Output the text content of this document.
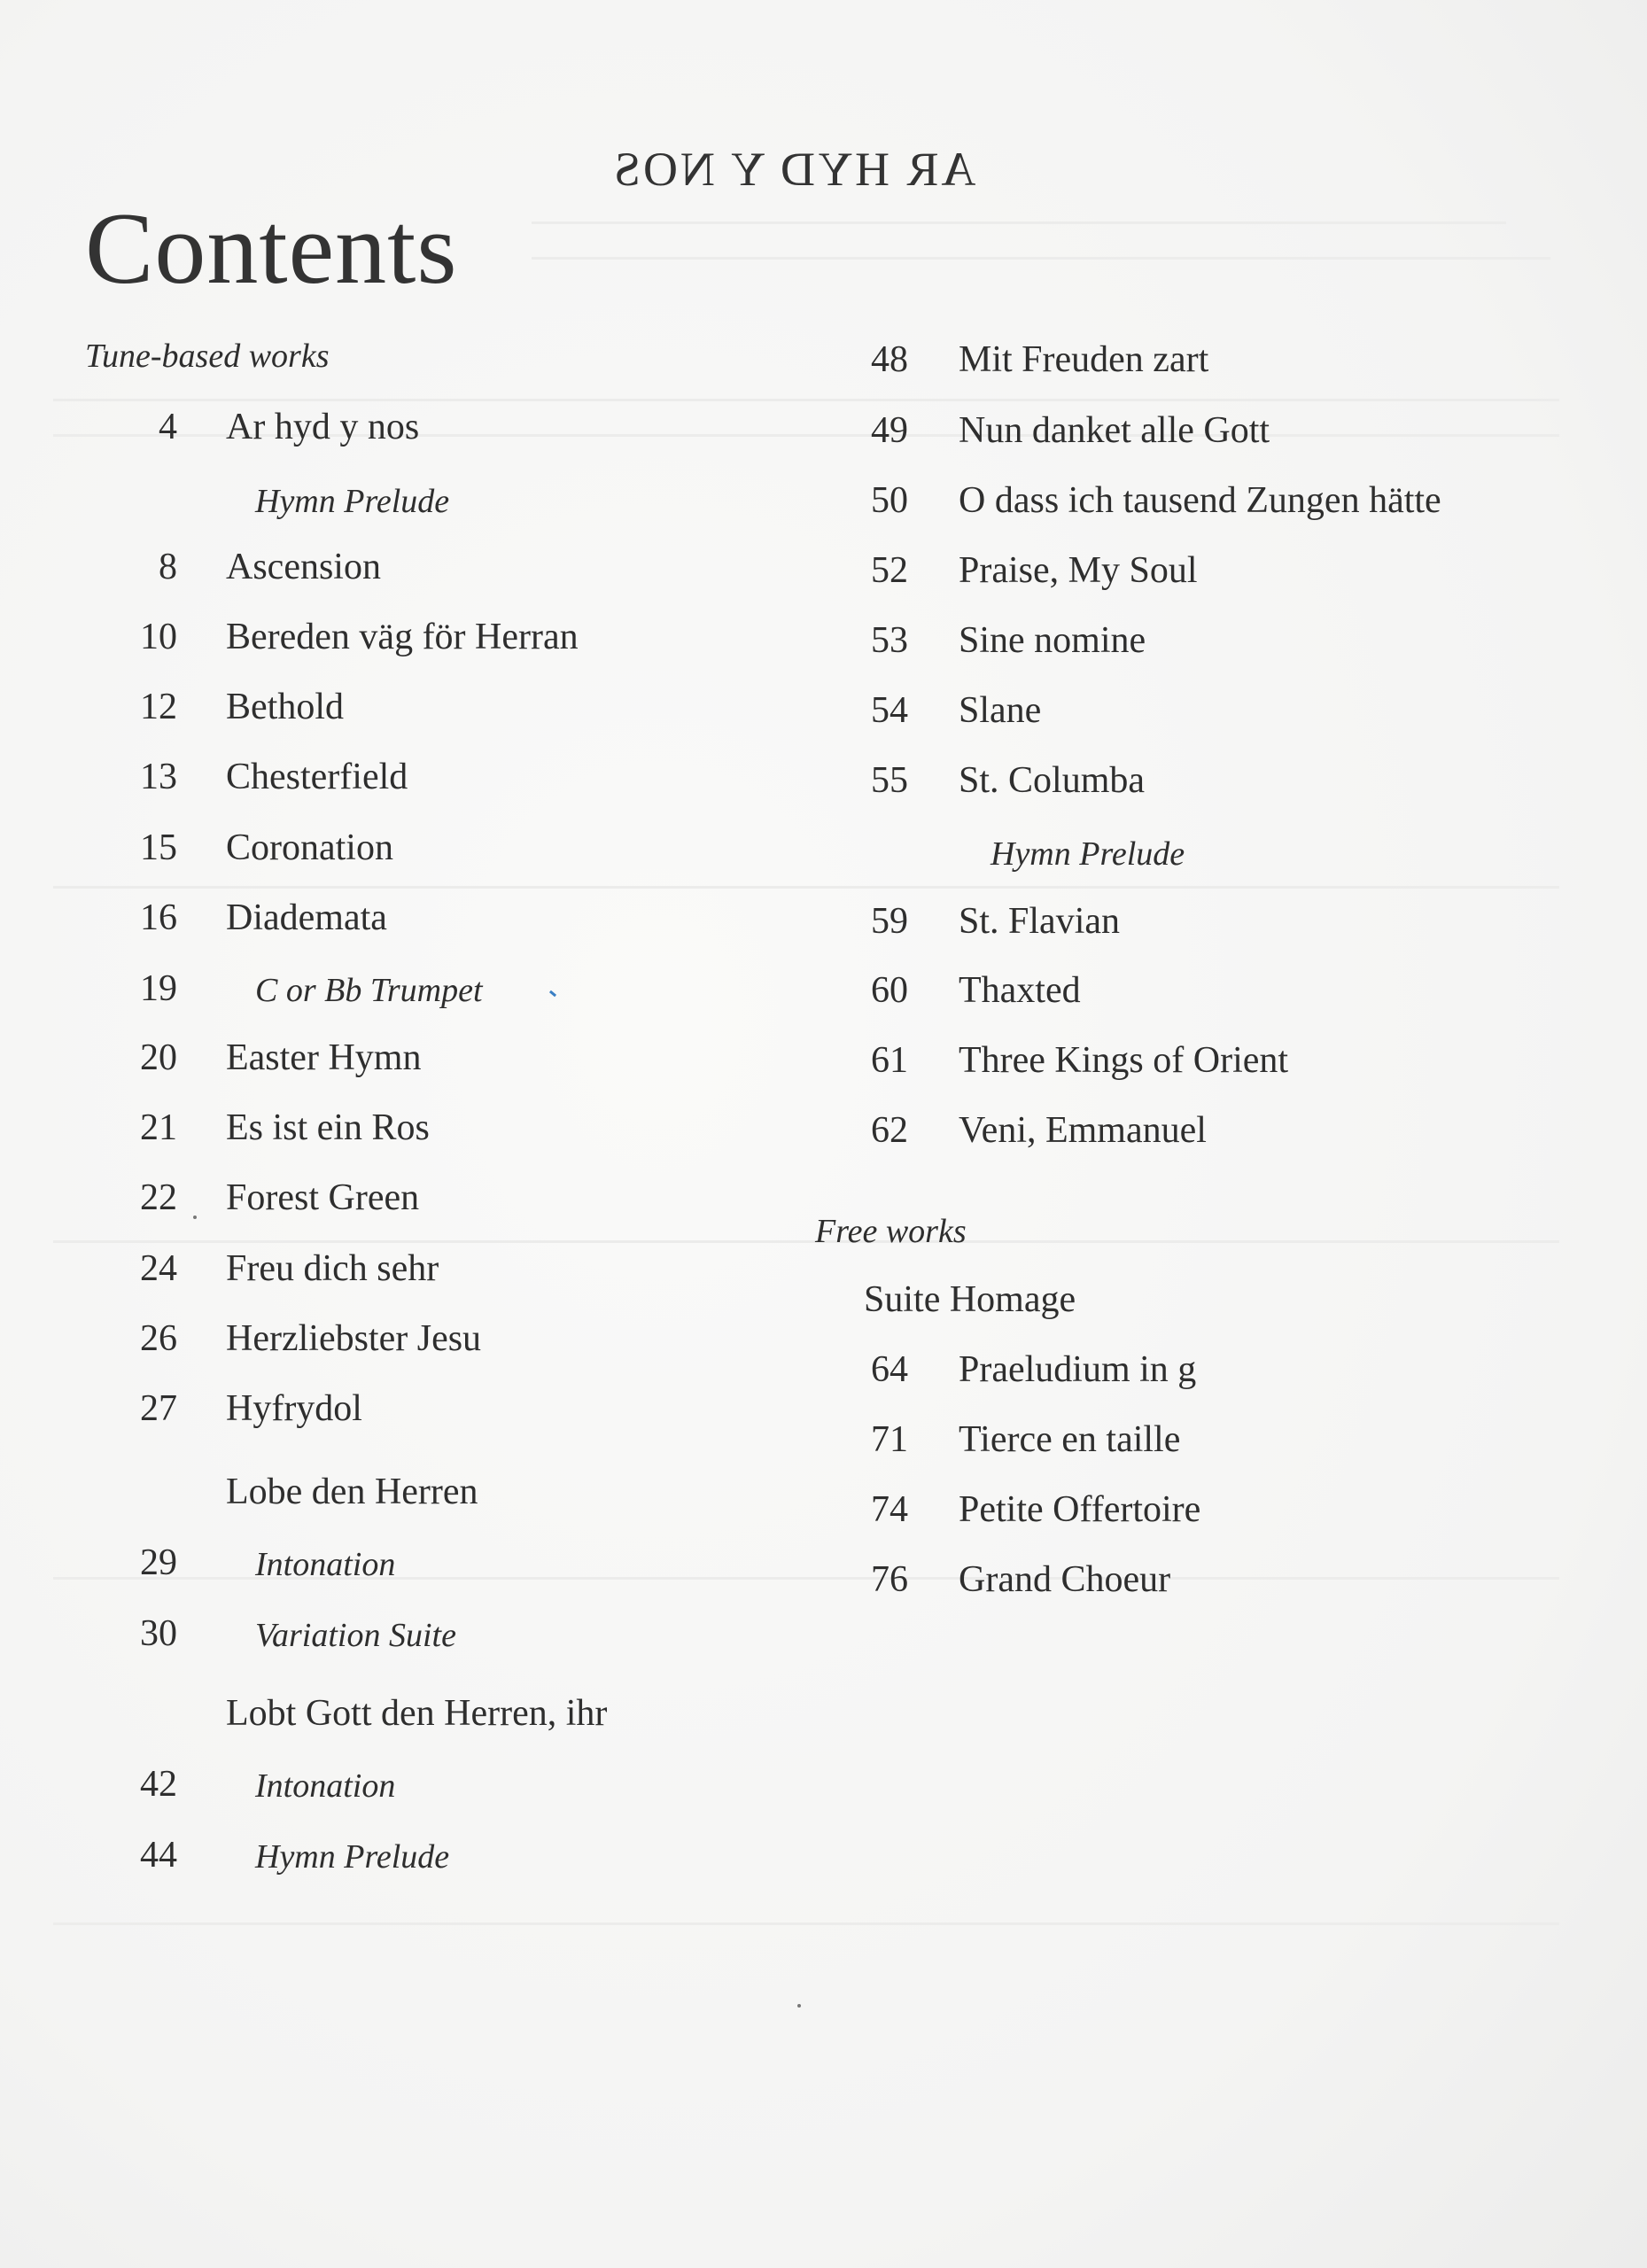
AR HYD Y NOS
Contents
Tune-based works
Free works
4 Ar hyd y nos
Hymn Prelude
8 Ascension
10 Bereden väg för Herran
12 Bethold
13 Chesterfield
15 Coronation
16 Diademata
19 C or Bb Trumpet
20 Easter Hymn
21 Es ist ein Ros
22 Forest Green
24 Freu dich sehr
26 Herzliebster Jesu
27 Hyfrydol
Lobe den Herren
29 Intonation
30 Variation Suite
Lobt Gott den Herren, ihr
42 Intonation
44 Hymn Prelude
48 Mit Freuden zart
49 Nun danket alle Gott
50 O dass ich tausend Zungen hätte
52 Praise, My Soul
53 Sine nomine
54 Slane
55 St. Columba
Hymn Prelude
59 St. Flavian
60 Thaxted
61 Three Kings of Orient
62 Veni, Emmanuel
Suite Homage
64 Praeludium in g
71 Tierce en taille
74 Petite Offertoire
76 Grand Choeur
